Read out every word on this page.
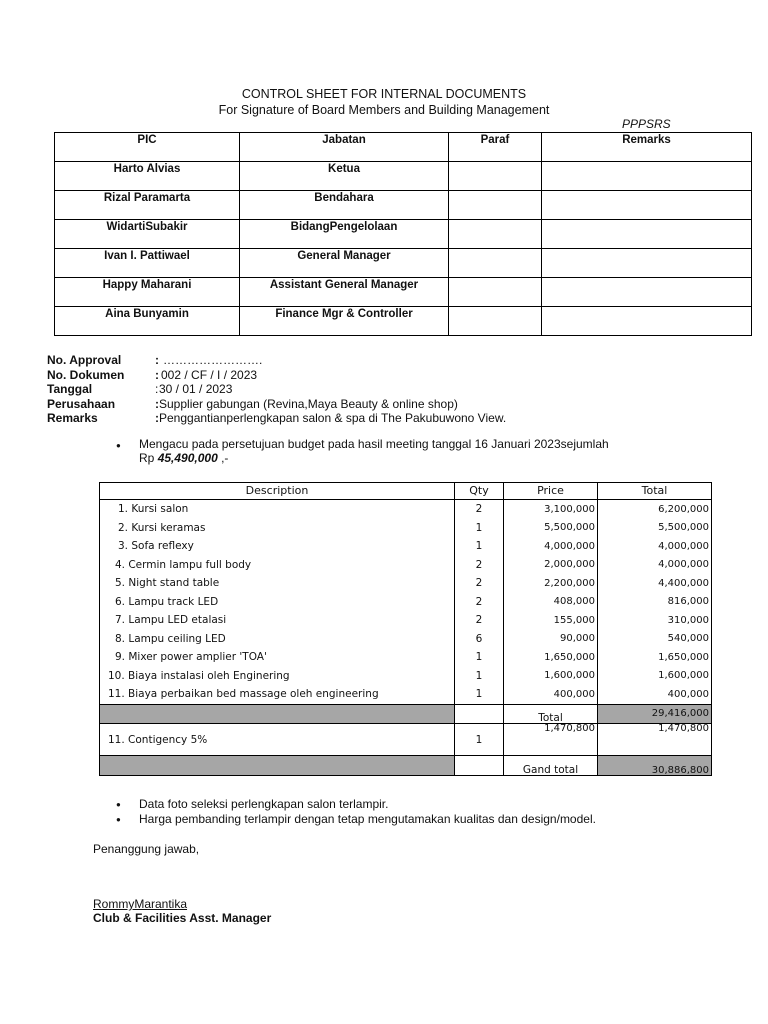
CONTROL SHEET FOR INTERNAL DOCUMENTS
For Signature of Board Members and Building Management
PPPSRS
PIC	Jabatan	Paraf	Remarks
Harto Alvias	Ketua		
Rizal Paramarta	Bendahara		
WidartiSubakir	BidangPengelolaan		
Ivan I. Pattiwael	General Manager		
Happy Maharani	Assistant General Manager		
Aina Bunyamin	Finance Mgr & Controller		
No. Approval	: …………………….
No. Dokumen	: 002 / CF / I / 2023
Tanggal	: 30 / 01 / 2023
Perusahaan	: Supplier gabungan (Revina,Maya Beauty & online shop)
Remarks	: Penggantianperlengkapan salon & spa di The Pakubuwono View.
● Mengacu pada persetujuan budget pada hasil meeting tanggal 16 Januari 2023sejumlah
Rp 45,490,000 ,-
Description	Qty	Price	Total
1. Kursi salon	2	3,100,000	6,200,000
2. Kursi keramas	1	5,500,000	5,500,000
3. Sofa reflexy	1	4,000,000	4,000,000
4. Cermin lampu full body	2	2,000,000	4,000,000
5. Night stand table	2	2,200,000	4,400,000
6. Lampu track LED	2	408,000	816,000
7. Lampu LED etalasi	2	155,000	310,000
8. Lampu ceiling LED	6	90,000	540,000
9. Mixer power amplier 'TOA'	1	1,650,000	1,650,000
10. Biaya instalasi oleh Enginering	1	1,600,000	1,600,000
11. Biaya perbaikan bed massage oleh engineering	1	400,000	400,000
		Total	29,416,000
11. Contigency 5%	1	1,470,800	1,470,800
		Gand total	30,886,800
● Data foto seleksi perlengkapan salon terlampir.
● Harga pembanding terlampir dengan tetap mengutamakan kualitas dan design/model.
Penanggung jawab,
RommyMarantika
Club & Facilities Asst. Manager
